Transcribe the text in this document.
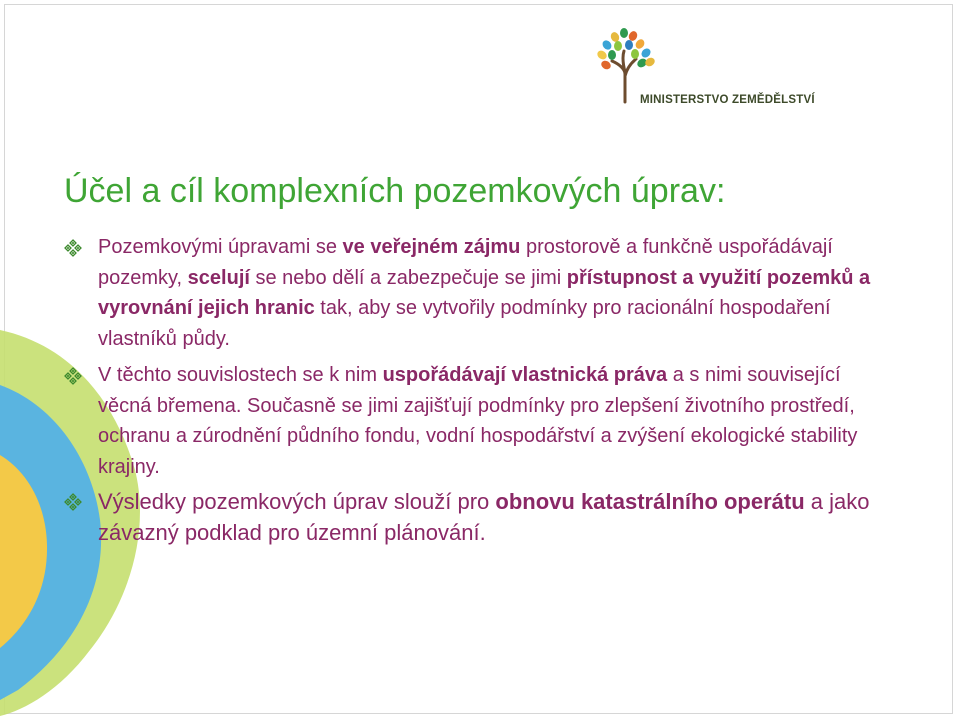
MINISTERSTVO ZEMĚDĚLSTVÍ
Účel a cíl komplexních pozemkových úprav:
Pozemkovými úpravami se ve veřejném zájmu prostorově a funkčně uspořádávají pozemky, scelují se nebo dělí a zabezpečuje se jimi přístupnost a využití pozemků a vyrovnání jejich hranic tak, aby se vytvořily podmínky pro racionální hospodaření vlastníků půdy.
V těchto souvislostech se k nim uspořádávají vlastnická práva a s nimi související věcná břemena. Současně se jimi zajišťují podmínky pro zlepšení životního prostředí, ochranu a zúrodnění půdního fondu, vodní hospodářství a zvýšení ekologické stability krajiny.
Výsledky pozemkových úprav slouží pro obnovu katastrálního operátu a jako závazný podklad pro územní plánování.
